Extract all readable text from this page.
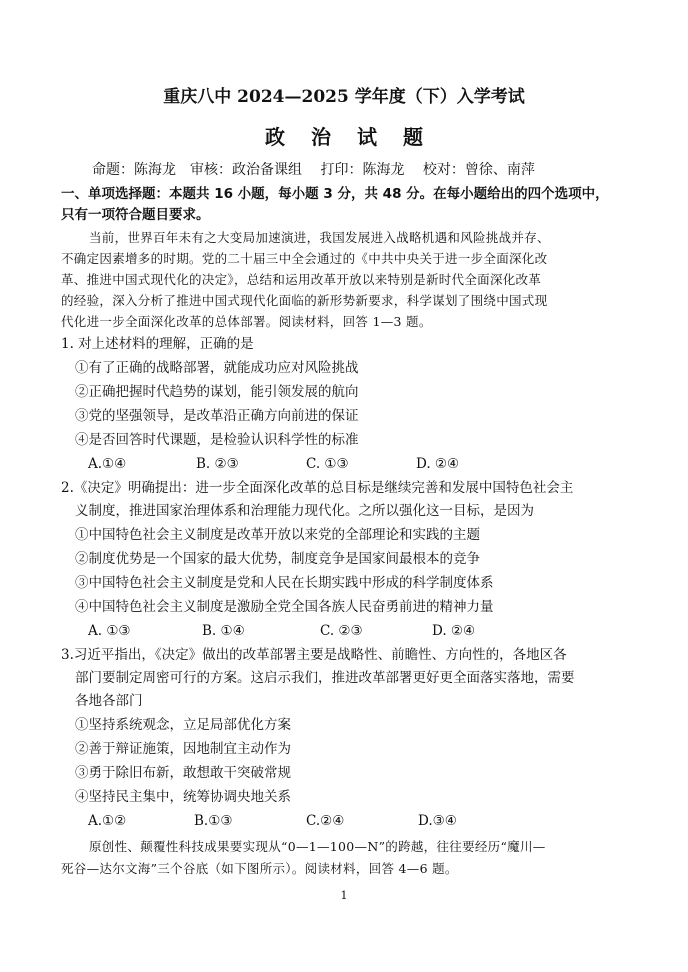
重庆八中 2024—2025 学年度（下）入学考试
政治试题
命题：陈海龙　审核：政治备课组　 打印：陈海龙　 校对：曾徐、南萍
一、单项选择题：本题共 16 小题，每小题 3 分，共 48 分。在每小题给出的四个选项中，
只有一项符合题目要求。
当前，世界百年未有之大变局加速演进，我国发展进入战略机遇和风险挑战并存、
不确定因素增多的时期。党的二十届三中全会通过的《中共中央关于进一步全面深化改
革、推进中国式现代化的决定》，总结和运用改革开放以来特别是新时代全面深化改革
的经验，深入分析了推进中国式现代化面临的新形势新要求，科学谋划了围绕中国式现
代化进一步全面深化改革的总体部署。阅读材料，回答 1—3 题。
1. 对上述材料的理解，正确的是
①有了正确的战略部署，就能成功应对风险挑战
②正确把握时代趋势的谋划，能引领发展的航向
③党的坚强领导，是改革沿正确方向前进的保证
④是否回答时代课题，是检验认识科学性的标准
A.①④	B. ②③	C. ①③	D. ②④
2.《决定》明确提出：进一步全面深化改革的总目标是继续完善和发展中国特色社会主
义制度，推进国家治理体系和治理能力现代化。之所以强化这一目标，是因为
①中国特色社会主义制度是改革开放以来党的全部理论和实践的主题
②制度优势是一个国家的最大优势，制度竞争是国家间最根本的竞争
③中国特色社会主义制度是党和人民在长期实践中形成的科学制度体系
④中国特色社会主义制度是激励全党全国各族人民奋勇前进的精神力量
A. ①③	B. ①④	C. ②③	D. ②④
3.习近平指出，《决定》做出的改革部署主要是战略性、前瞻性、方向性的，各地区各
部门要制定周密可行的方案。这启示我们，推进改革部署更好更全面落实落地，需要
各地各部门
①坚持系统观念，立足局部优化方案
②善于辩证施策，因地制宜主动作为
③勇于除旧布新，敢想敢干突破常规
④坚持民主集中，统筹协调央地关系
A.①②	B.①③	C.②④	D.③④
原创性、颠覆性科技成果要实现从“0—1—100—N”的跨越，往往要经历“魔川—
死谷—达尔文海”三个谷底（如下图所示）。阅读材料，回答 4—6 题。
1
